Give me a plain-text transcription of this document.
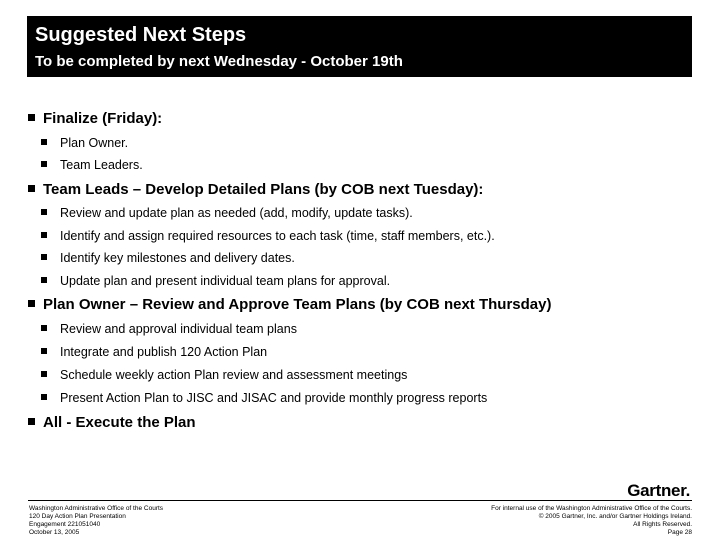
Suggested Next Steps
To be completed by next Wednesday - October 19th
Finalize (Friday):
Plan Owner.
Team Leaders.
Team Leads – Develop Detailed Plans (by COB next Tuesday):
Review and update plan as needed (add, modify, update tasks).
Identify and assign required resources to each task (time, staff members, etc.).
Identify key milestones and delivery dates.
Update plan and present individual team plans for approval.
Plan Owner – Review and Approve Team Plans (by COB next Thursday)
Review and approval individual team plans
Integrate and publish 120 Action Plan
Schedule weekly action Plan review and assessment meetings
Present Action Plan to JISC and JISAC and provide monthly progress reports
All - Execute the Plan
Gartner.
Washington Administrative Office of the Courts
120 Day Action Plan Presentation
Engagement 221051040
October 13, 2005
For internal use of the Washington Administrative Office of the Courts.
© 2005 Gartner, Inc. and/or Gartner Holdings Ireland.
All Rights Reserved.
Page 28
